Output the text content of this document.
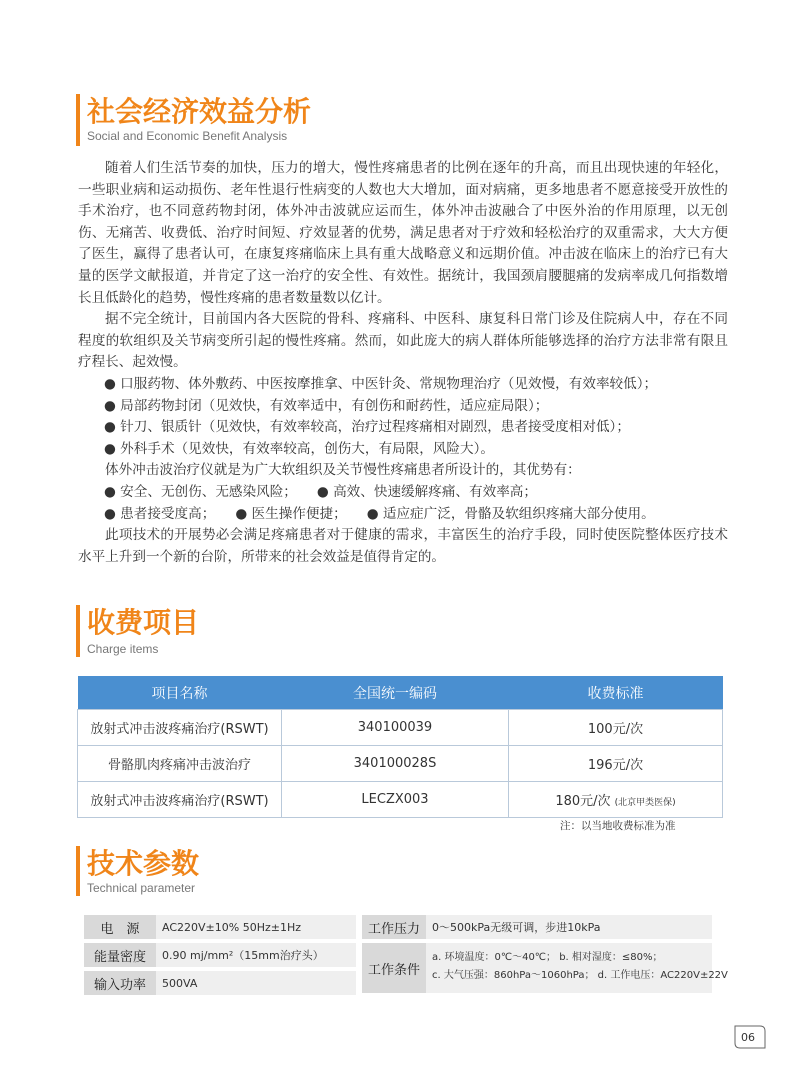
社会经济效益分析
Social and Economic Benefit Analysis

随着人们生活节奏的加快，压力的增大，慢性疼痛患者的比例在逐年的升高，而且出现快速的年轻化，一些职业病和运动损伤、老年性退行性病变的人数也大大增加，面对病痛，更多地患者不愿意接受开放性的手术治疗，也不同意药物封闭，体外冲击波就应运而生，体外冲击波融合了中医外治的作用原理，以无创伤、无痛苦、收费低、治疗时间短、疗效显著的优势，满足患者对于疗效和轻松治疗的双重需求，大大方便了医生，赢得了患者认可，在康复疼痛临床上具有重大战略意义和远期价值。冲击波在临床上的治疗已有大量的医学文献报道，并肯定了这一治疗的安全性、有效性。据统计，我国颈肩腰腿痛的发病率成几何指数增长且低龄化的趋势，慢性疼痛的患者数量数以亿计。

据不完全统计，目前国内各大医院的骨科、疼痛科、中医科、康复科日常门诊及住院病人中，存在不同程度的软组织及关节病变所引起的慢性疼痛。然而，如此庞大的病人群体所能够选择的治疗方法非常有限且疗程长、起效慢。

● 口服药物、体外敷药、中医按摩推拿、中医针灸、常规物理治疗（见效慢，有效率较低）；

● 局部药物封闭（见效快，有效率适中，有创伤和耐药性，适应症局限）；

● 针刀、银质针（见效快，有效率较高，治疗过程疼痛相对剧烈，患者接受度相对低）；

● 外科手术（见效快，有效率较高，创伤大，有局限，风险大）。

体外冲击波治疗仪就是为广大软组织及关节慢性疼痛患者所设计的，其优势有：

● 安全、无创伤、无感染风险； ● 高效、快速缓解疼痛、有效率高；

● 患者接受度高； ● 医生操作便捷； ● 适应症广泛，骨骼及软组织疼痛大部分使用。

此项技术的开展势必会满足疼痛患者对于健康的需求，丰富医生的治疗手段，同时使医院整体医疗技术水平上升到一个新的台阶，所带来的社会效益是值得肯定的。

收费项目
Charge items
项目名称	全国统一编码	收费标准
放射式冲击波疼痛治疗(RSWT)	340100039	100元/次
骨骼肌肉疼痛冲击波治疗	340100028S	196元/次
放射式冲击波疼痛治疗(RSWT)	LECZX003	180元/次 (北京甲类医保)
注：以当地收费标准为准
技术参数
Technical parameter
电　源	AC220V±10% 50Hz±1Hz
能量密度	0.90 mj/mm²（15mm治疗头）
输入功率	500VA
工作压力	0～500kPa无级可调，步进10kPa
工作条件
a. 环境温度：0℃～40℃； b. 相对湿度：≤80%；
c. 大气压强：860hPa～1060hPa； d. 工作电压：AC220V±22V
06
